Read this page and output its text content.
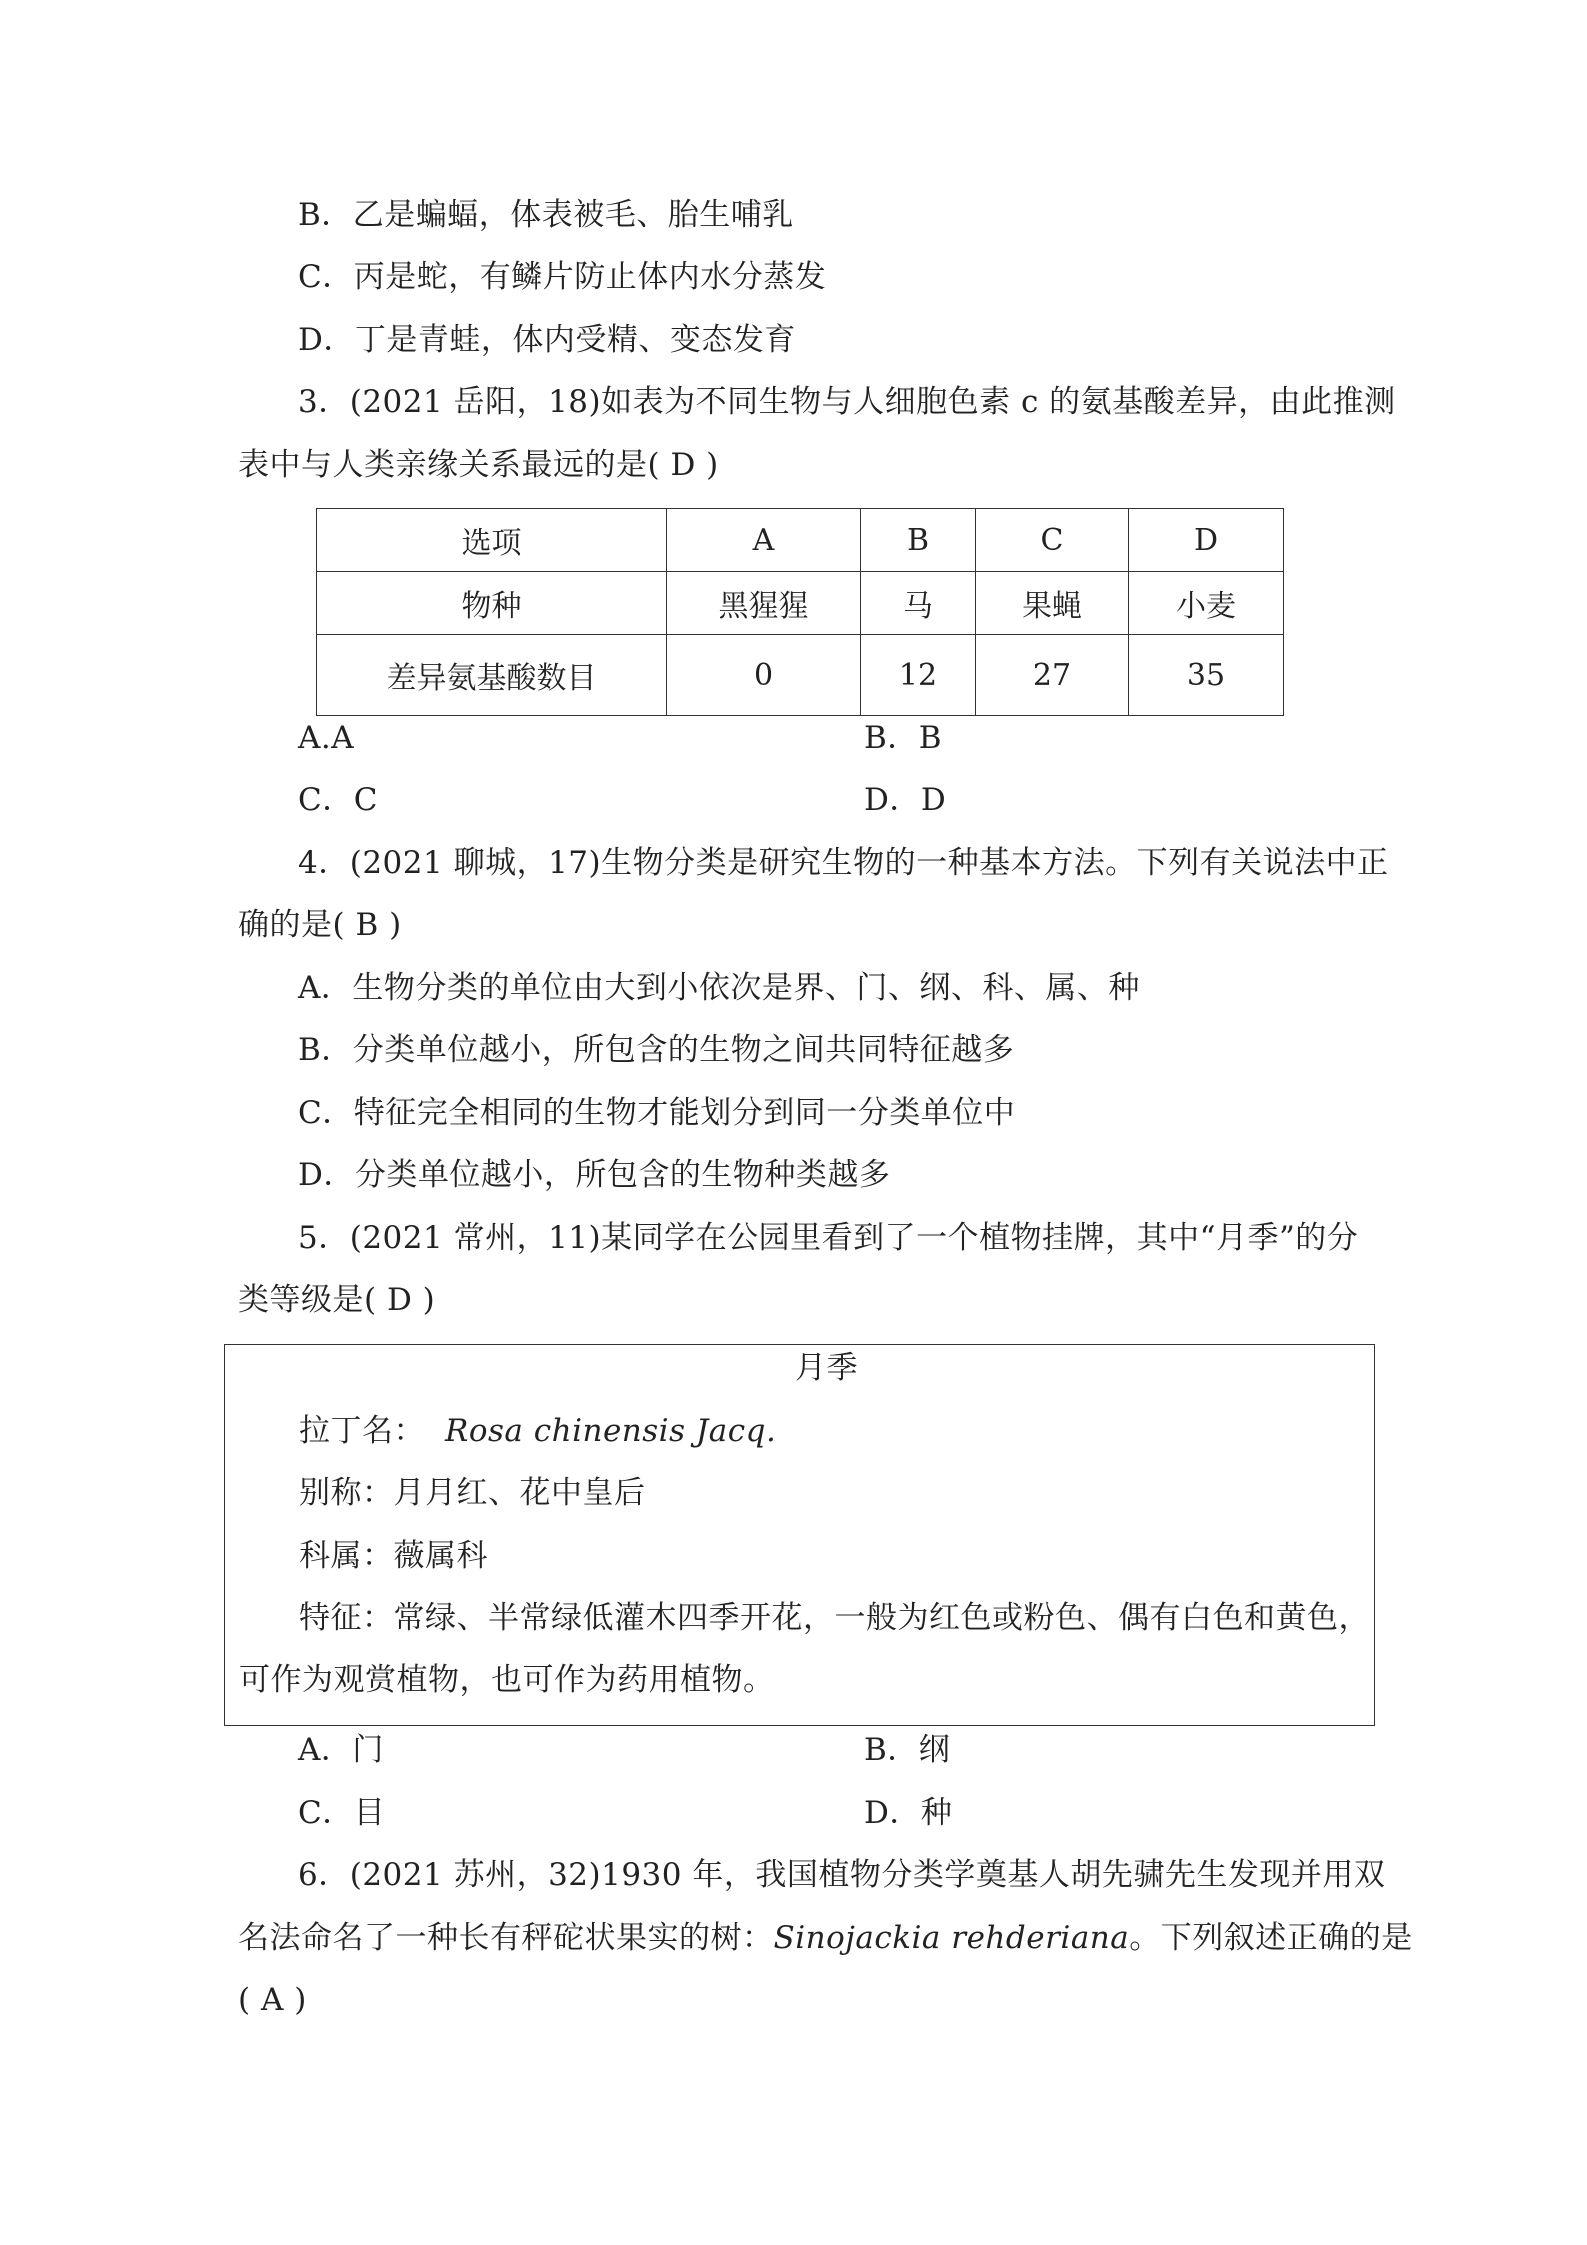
B．乙是蝙蝠，体表被毛、胎生哺乳
C．丙是蛇，有鳞片防止体内水分蒸发
D．丁是青蛙，体内受精、变态发育
3．(2021 岳阳，18)如表为不同生物与人细胞色素 c 的氨基酸差异，由此推测
表中与人类亲缘关系最远的是( D )
选项	A	B	C	D
物种	黑猩猩	马	果蝇	小麦
差异氨基酸数目	0	12	27	35
A.A	B．B
C．C	D．D
4．(2021 聊城，17)生物分类是研究生物的一种基本方法。下列有关说法中正
确的是( B )
A．生物分类的单位由大到小依次是界、门、纲、科、属、种
B．分类单位越小，所包含的生物之间共同特征越多
C．特征完全相同的生物才能划分到同一分类单位中
D．分类单位越小，所包含的生物种类越多
5．(2021 常州，11)某同学在公园里看到了一个植物挂牌，其中“月季”的分
类等级是( D )
月季
拉丁名： Rosa chinensis Jacq.
别称：月月红、花中皇后
科属：薇属科
特征：常绿、半常绿低灌木四季开花，一般为红色或粉色、偶有白色和黄色，
可作为观赏植物，也可作为药用植物。
A．门	B．纲
C．目	D．种
6．(2021 苏州，32)1930 年，我国植物分类学奠基人胡先骕先生发现并用双
名法命名了一种长有秤砣状果实的树：Sinojackia rehderiana。下列叙述正确的是
( A )
